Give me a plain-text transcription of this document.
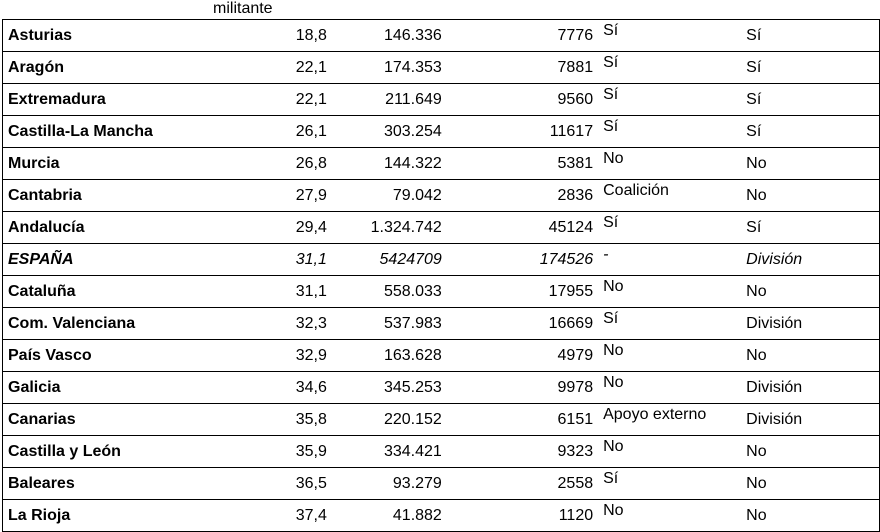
militante
Asturias	18,8	146.336	7776	Sí	Sí
Aragón	22,1	174.353	7881	Sí	Sí
Extremadura	22,1	211.649	9560	Sí	Sí
Castilla-La Mancha	26,1	303.254	11617	Sí	Sí
Murcia	26,8	144.322	5381	No	No
Cantabria	27,9	79.042	2836	Coalición	No
Andalucía	29,4	1.324.742	45124	Sí	Sí
ESPAÑA	31,1	5424709	174526	-	División
Cataluña	31,1	558.033	17955	No	No
Com. Valenciana	32,3	537.983	16669	Sí	División
País Vasco	32,9	163.628	4979	No	No
Galicia	34,6	345.253	9978	No	División
Canarias	35,8	220.152	6151	Apoyo externo	División
Castilla y León	35,9	334.421	9323	No	No
Baleares	36,5	93.279	2558	Sí	No
La Rioja	37,4	41.882	1120	No	No
